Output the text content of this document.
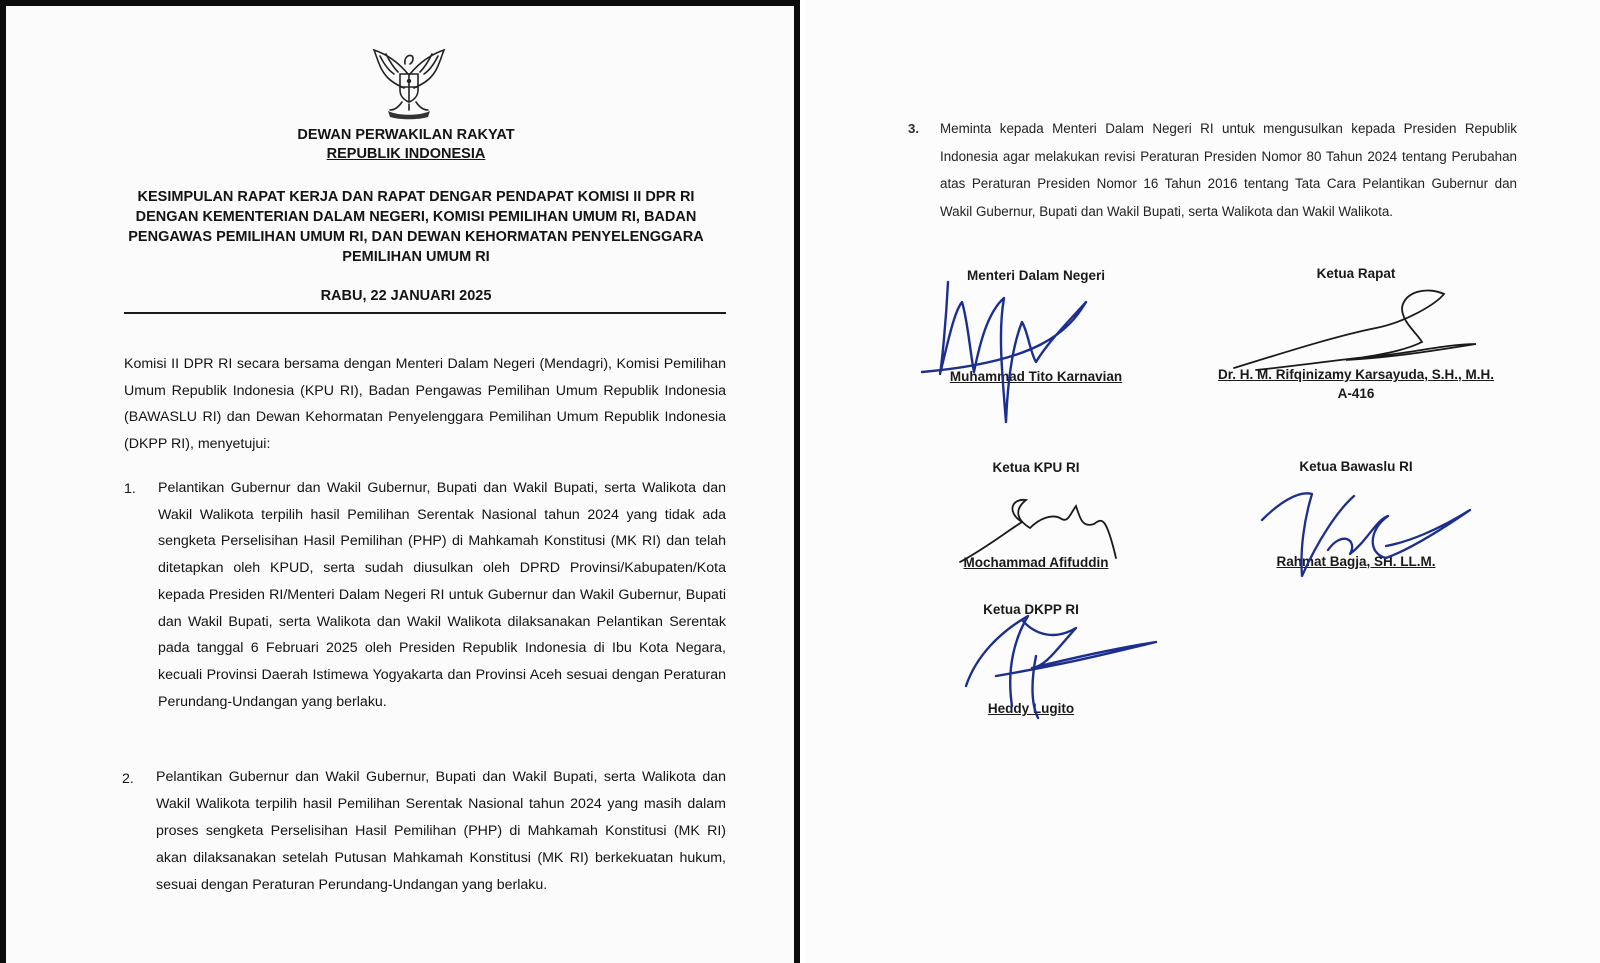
DEWAN PERWAKILAN RAKYAT
REPUBLIK INDONESIA
KESIMPULAN RAPAT KERJA DAN RAPAT DENGAR PENDAPAT KOMISI II DPR RI DENGAN KEMENTERIAN DALAM NEGERI, KOMISI PEMILIHAN UMUM RI, BADAN PENGAWAS PEMILIHAN UMUM RI, DAN DEWAN KEHORMATAN PENYELENGGARA PEMILIHAN UMUM RI
RABU, 22 JANUARI 2025
Komisi II DPR RI secara bersama dengan Menteri Dalam Negeri (Mendagri), Komisi Pemilihan Umum Republik Indonesia (KPU RI), Badan Pengawas Pemilihan Umum Republik Indonesia (BAWASLU RI) dan Dewan Kehormatan Penyelenggara Pemilihan Umum Republik Indonesia (DKPP RI), menyetujui:
1. Pelantikan Gubernur dan Wakil Gubernur, Bupati dan Wakil Bupati, serta Walikota dan Wakil Walikota terpilih hasil Pemilihan Serentak Nasional tahun 2024 yang tidak ada sengketa Perselisihan Hasil Pemilihan (PHP) di Mahkamah Konstitusi (MK RI) dan telah ditetapkan oleh KPUD, serta sudah diusulkan oleh DPRD Provinsi/Kabupaten/Kota kepada Presiden RI/Menteri Dalam Negeri RI untuk Gubernur dan Wakil Gubernur, Bupati dan Wakil Bupati, serta Walikota dan Wakil Walikota dilaksanakan Pelantikan Serentak pada tanggal 6 Februari 2025 oleh Presiden Republik Indonesia di Ibu Kota Negara, kecuali Provinsi Daerah Istimewa Yogyakarta dan Provinsi Aceh sesuai dengan Peraturan Perundang-Undangan yang berlaku.
2. Pelantikan Gubernur dan Wakil Gubernur, Bupati dan Wakil Bupati, serta Walikota dan Wakil Walikota terpilih hasil Pemilihan Serentak Nasional tahun 2024 yang masih dalam proses sengketa Perselisihan Hasil Pemilihan (PHP) di Mahkamah Konstitusi (MK RI) akan dilaksanakan setelah Putusan Mahkamah Konstitusi (MK RI) berkekuatan hukum, sesuai dengan Peraturan Perundang-Undangan yang berlaku.
3. Meminta kepada Menteri Dalam Negeri RI untuk mengusulkan kepada Presiden Republik Indonesia agar melakukan revisi Peraturan Presiden Nomor 80 Tahun 2024 tentang Perubahan atas Peraturan Presiden Nomor 16 Tahun 2016 tentang Tata Cara Pelantikan Gubernur dan Wakil Gubernur, Bupati dan Wakil Bupati, serta Walikota dan Wakil Walikota.
Menteri Dalam Negeri
Muhammad Tito Karnavian
Ketua Rapat
Dr. H. M. Rifqinizamy Karsayuda, S.H., M.H.
A-416
Ketua KPU RI
Mochammad Afifuddin
Ketua Bawaslu RI
Rahmat Bagja, SH. LL.M.
Ketua DKPP RI
Heddy Lugito
